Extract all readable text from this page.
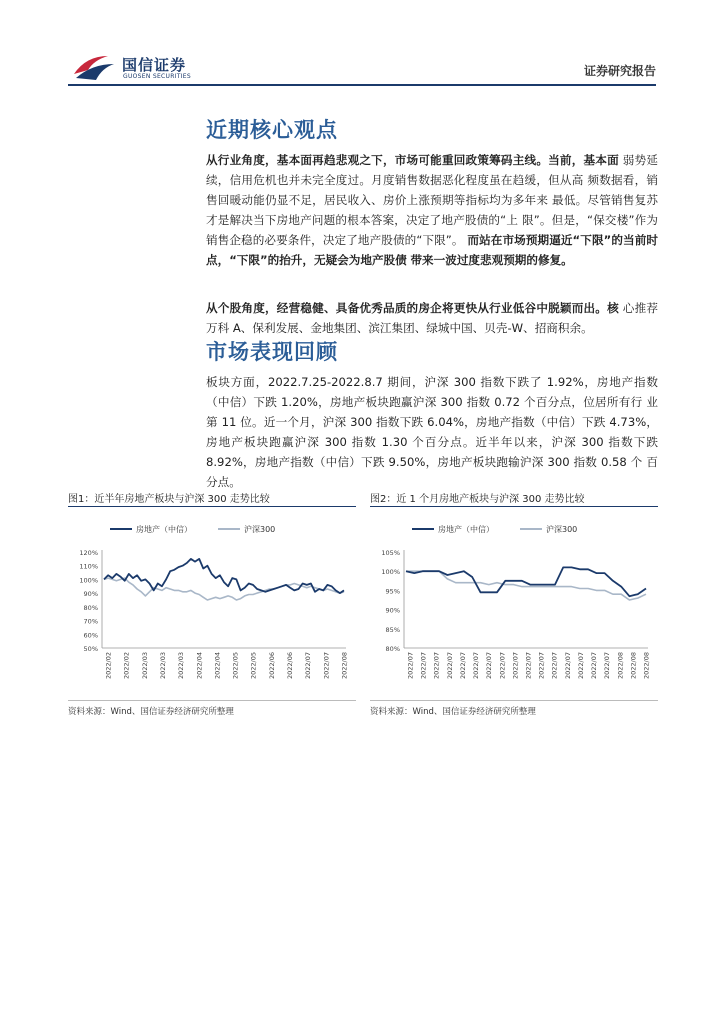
国信证券
GUOSEN SECURITIES	证券研究报告
近期核心观点

从行业角度，基本面再趋悲观之下，市场可能重回政策筹码主线。当前，基本面 弱势延续，信用危机也并未完全度过。月度销售数据恶化程度虽在趋缓，但从高 频数据看，销售回暖动能仍显不足，居民收入、房价上涨预期等指标均为多年来 最低。尽管销售复苏才是解决当下房地产问题的根本答案，决定了地产股债的“上 限”。但是，“保交楼”作为销售企稳的必要条件，决定了地产股债的“下限”。 而站在市场预期逼近“下限”的当前时点，“下限”的抬升，无疑会为地产股债 带来一波过度悲观预期的修复。

从个股角度，经营稳健、具备优秀品质的房企将更快从行业低谷中脱颖而出。核 心推荐万科 A、保利发展、金地集团、滨江集团、绿城中国、贝壳-W、招商积余。

市场表现回顾

板块方面，2022.7.25-2022.8.7 期间，沪深 300 指数下跌了 1.92%，房地产指数 （中信）下跌 1.20%，房地产板块跑赢沪深 300 指数 0.72 个百分点，位居所有行 业第 11 位。近一个月，沪深 300 指数下跌 6.04%，房地产指数（中信）下跌 4.73%， 房地产板块跑赢沪深 300 指数 1.30 个百分点。近半年以来，沪深 300 指数下跌 8.92%，房地产指数（中信）下跌 9.50%，房地产板块跑输沪深 300 指数 0.58 个 百分点。

图1：近半年房地产板块与沪深 300 走势比较
房地产（中信）	沪深300
120%
110%
100%
90%
80%
70%
60%
50%
2022/02 2022/02 2022/03 2022/03 2022/03 2022/04 2022/04 2022/05 2022/05 2022/06 2022/06 2022/07 2022/07 2022/08
资料来源：Wind、国信证券经济研究所整理
图2：近 1 个月房地产板块与沪深 300 走势比较
房地产（中信）	沪深300
105%
100%
95%
90%
85%
80%
2022/07 2022/07 2022/07 2022/07 2022/07 2022/07 2022/07 2022/07 2022/07 2022/07 2022/07 2022/07 2022/07 2022/07 2022/07 2022/07 2022/08 2022/08 2022/08
资料来源：Wind、国信证券经济研究所整理
